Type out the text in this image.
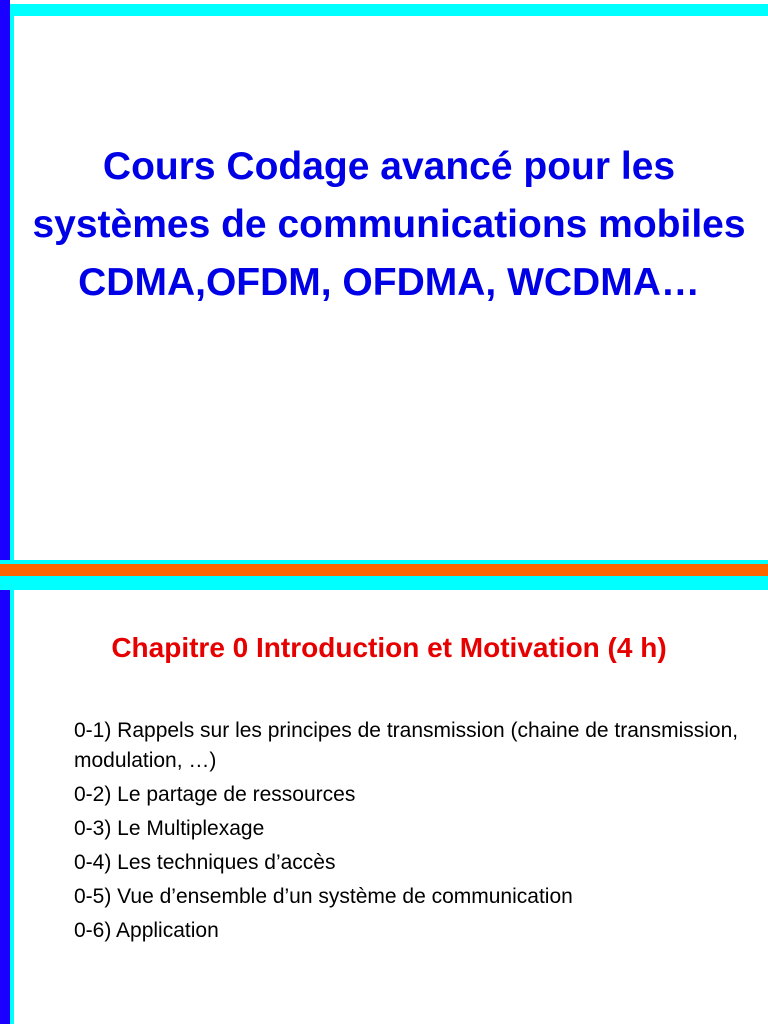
Cours Codage avancé pour les systèmes de communications mobiles CDMA,OFDM, OFDMA, WCDMA…
Chapitre 0 Introduction et Motivation (4 h)
0-1) Rappels sur les principes de transmission (chaine de transmission, modulation, …)
0-2) Le partage de ressources
0-3) Le Multiplexage
0-4) Les techniques d’accès
0-5) Vue d’ensemble d’un système de communication
0-6) Application
